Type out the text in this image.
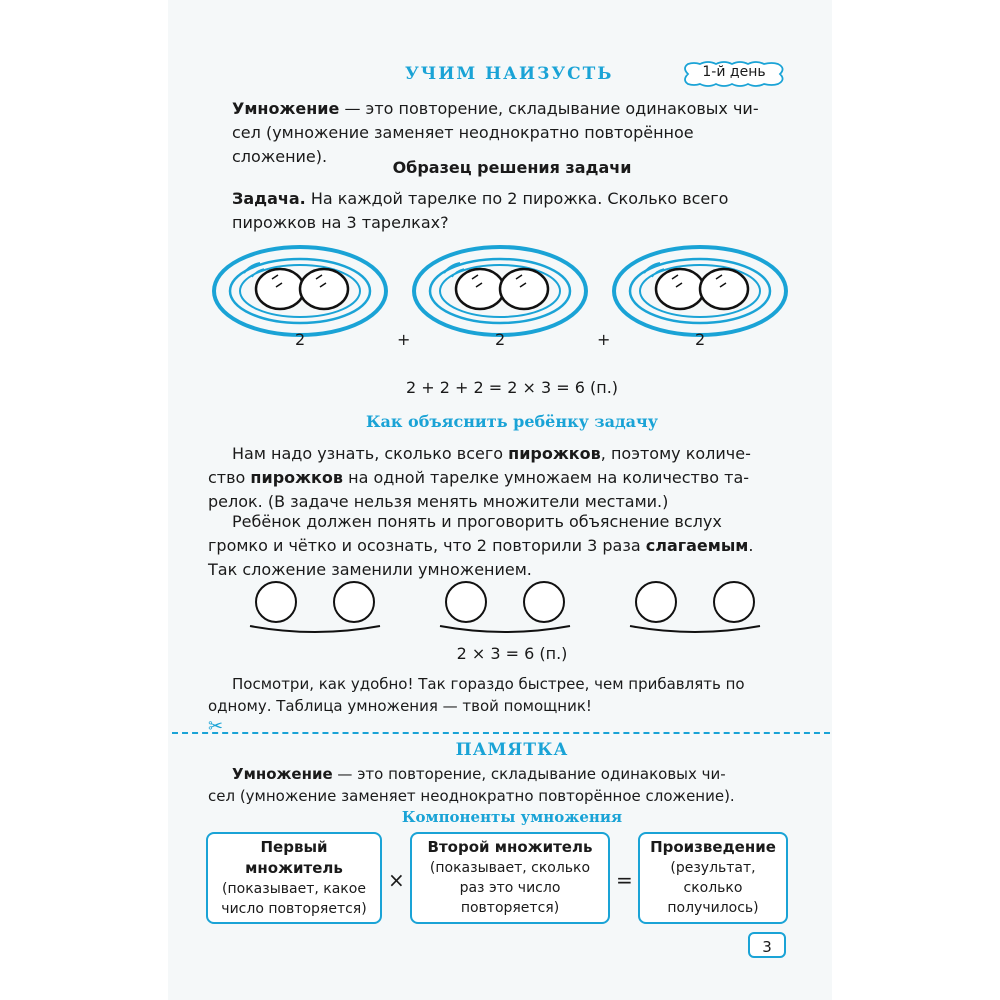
УЧИМ НАИЗУСТЬ	1-й день
Умножение — это повторение, складывание одинаковых чи-
сел (умножение заменяет неоднократно повторённое сложение).
Образец решения задачи
Задача. На каждой тарелке по 2 пирожка. Сколько всего
пирожков на 3 тарелках?
2	+	2	+	2
2 + 2 + 2 = 2 × 3 = 6 (п.)
Как объяснить ребёнку задачу
Нам надо узнать, сколько всего пирожков, поэтому количе-
ство пирожков на одной тарелке умножаем на количество та-
релок. (В задаче нельзя менять множители местами.)
Ребёнок должен понять и проговорить объяснение вслух
громко и чётко и осознать, что 2 повторили 3 раза слагаемым.
Так сложение заменили умножением.
2 × 3 = 6 (п.)
Посмотри, как удобно! Так гораздо быстрее, чем прибавлять по
одному. Таблица умножения — твой помощник!
✂
ПАМЯТКА
Умножение — это повторение, складывание одинаковых чи-
сел (умножение заменяет неоднократно повторённое сложение).
Компоненты умножения
Первый
множитель
(показывает, какое
число повторяется)
×
Второй множитель
(показывает, сколько
раз это число
повторяется)
=
Произведение
(результат,
сколько
получилось)
3
